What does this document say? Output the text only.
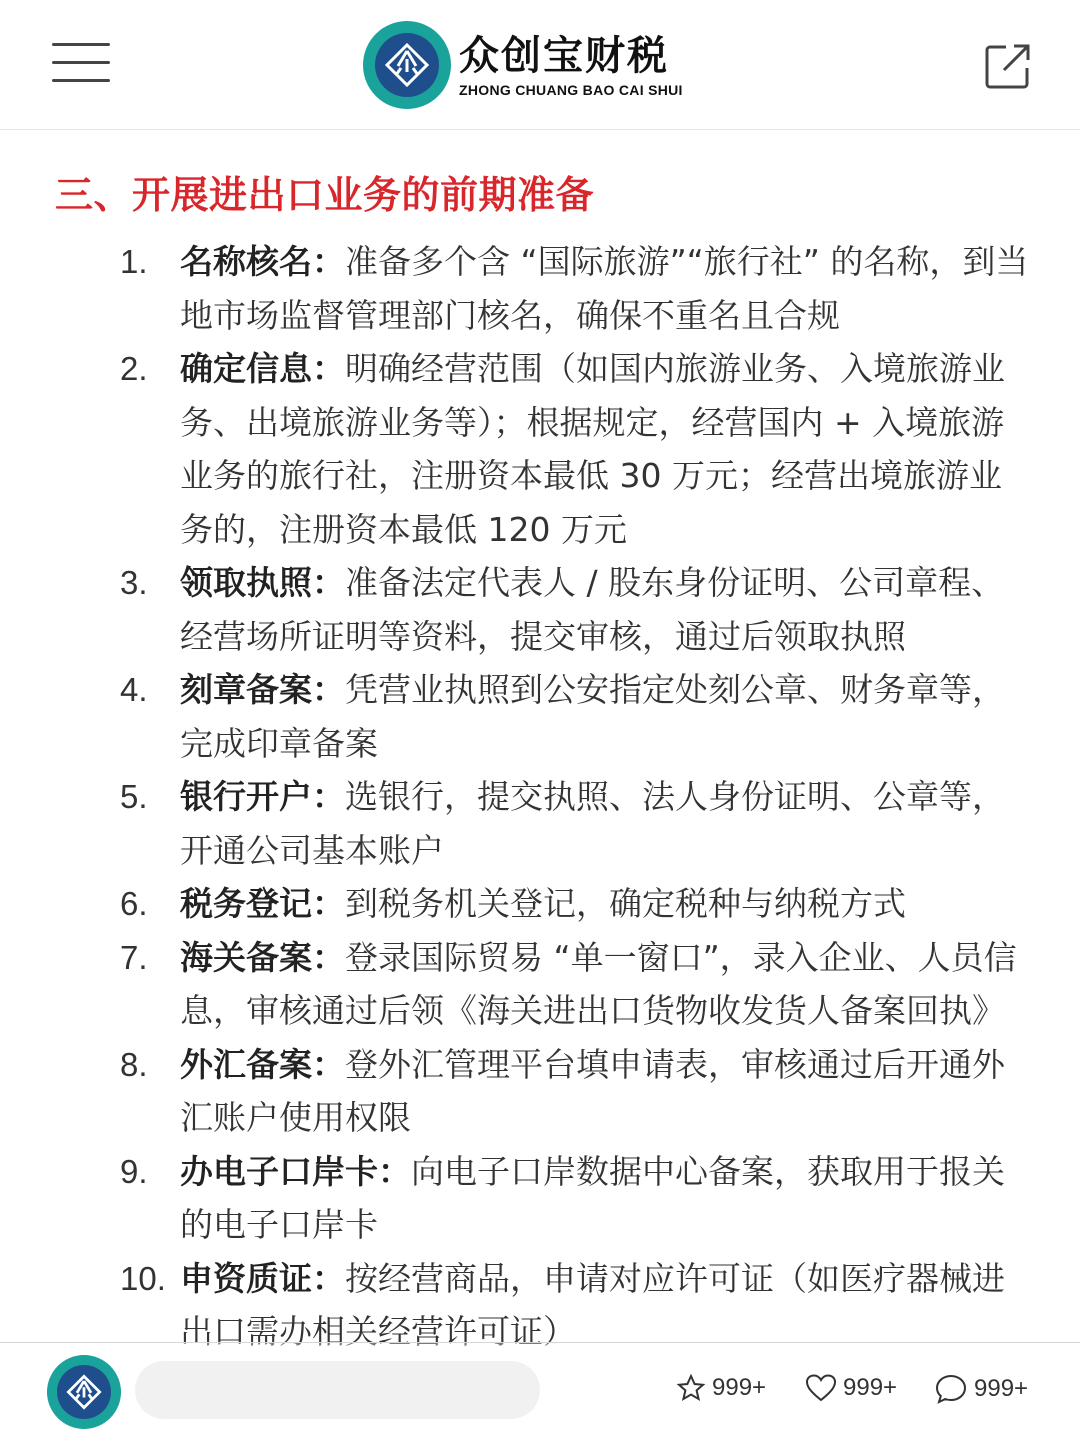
众创宝财税
ZHONG CHUANG BAO CAI SHUI
三、开展进出口业务的前期准备
1. 名称核名：准备多个含 “国际旅游”“旅行社” 的名称，到当地市场监督管理部门核名，确保不重名且合规
2. 确定信息：明确经营范围（如国内旅游业务、入境旅游业务、出境旅游业务等）；根据规定，经营国内 + 入境旅游业务的旅行社，注册资本最低 30 万元；经营出境旅游业务的，注册资本最低 120 万元
3. 领取执照：准备法定代表人 / 股东身份证明、公司章程、经营场所证明等资料，提交审核，通过后领取执照
4. 刻章备案：凭营业执照到公安指定处刻公章、财务章等，完成印章备案
5. 银行开户：选银行，提交执照、法人身份证明、公章等，开通公司基本账户
6. 税务登记：到税务机关登记，确定税种与纳税方式
7. 海关备案：登录国际贸易 “单一窗口”，录入企业、人员信息，审核通过后领《海关进出口货物收发货人备案回执》
8. 外汇备案：登外汇管理平台填申请表，审核通过后开通外汇账户使用权限
9. 办电子口岸卡：向电子口岸数据中心备案，获取用于报关的电子口岸卡
10. 申资质证：按经营商品，申请对应许可证（如医疗器械进出口需办相关经营许可证）
999+	999+	999+
